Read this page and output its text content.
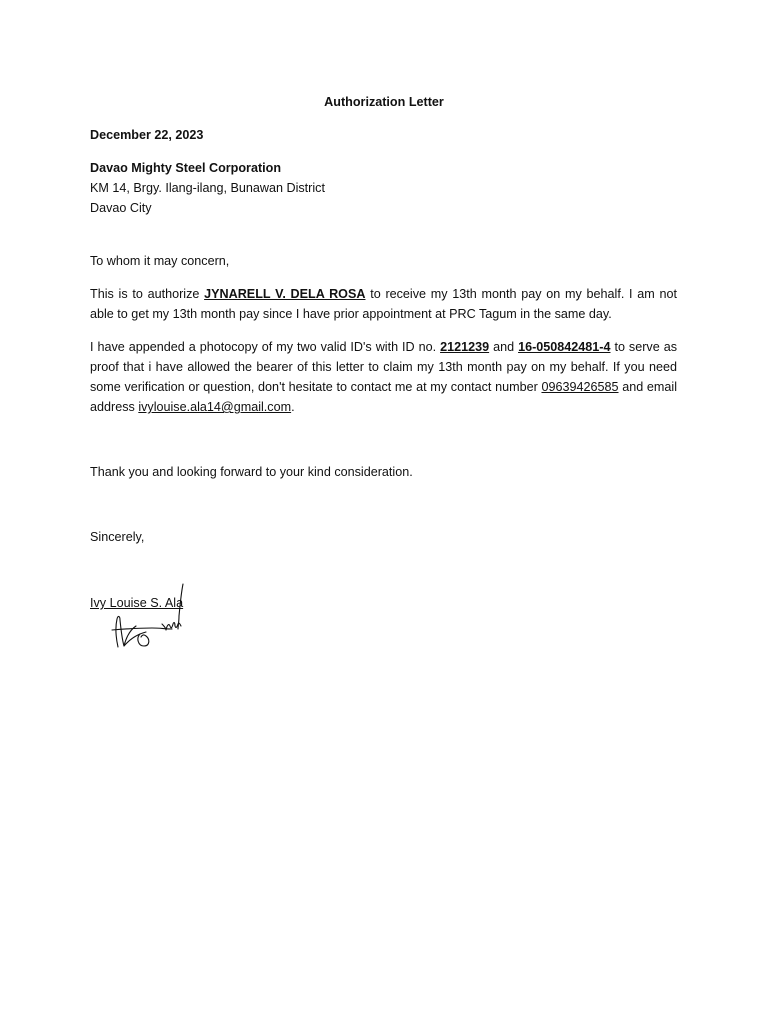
Authorization Letter

December 22, 2023

Davao Mighty Steel Corporation

KM 14, Brgy. Ilang-ilang, Bunawan District

Davao City

To whom it may concern,

This is to authorize JYNARELL V. DELA ROSA to receive my 13th month pay on my behalf. I am not able to get my 13th month pay since I have prior appointment at PRC Tagum in the same day.

I have appended a photocopy of my two valid ID's with ID no. 2121239 and 16-050842481-4 to serve as proof that i have allowed the bearer of this letter to claim my 13th month pay on my behalf. If you need some verification or question, don't hesitate to contact me at my contact number 09639426585 and email address ivylouise.ala14@gmail.com.

Thank you and looking forward to your kind consideration.

Sincerely,

Ivy Louise S. Ala
